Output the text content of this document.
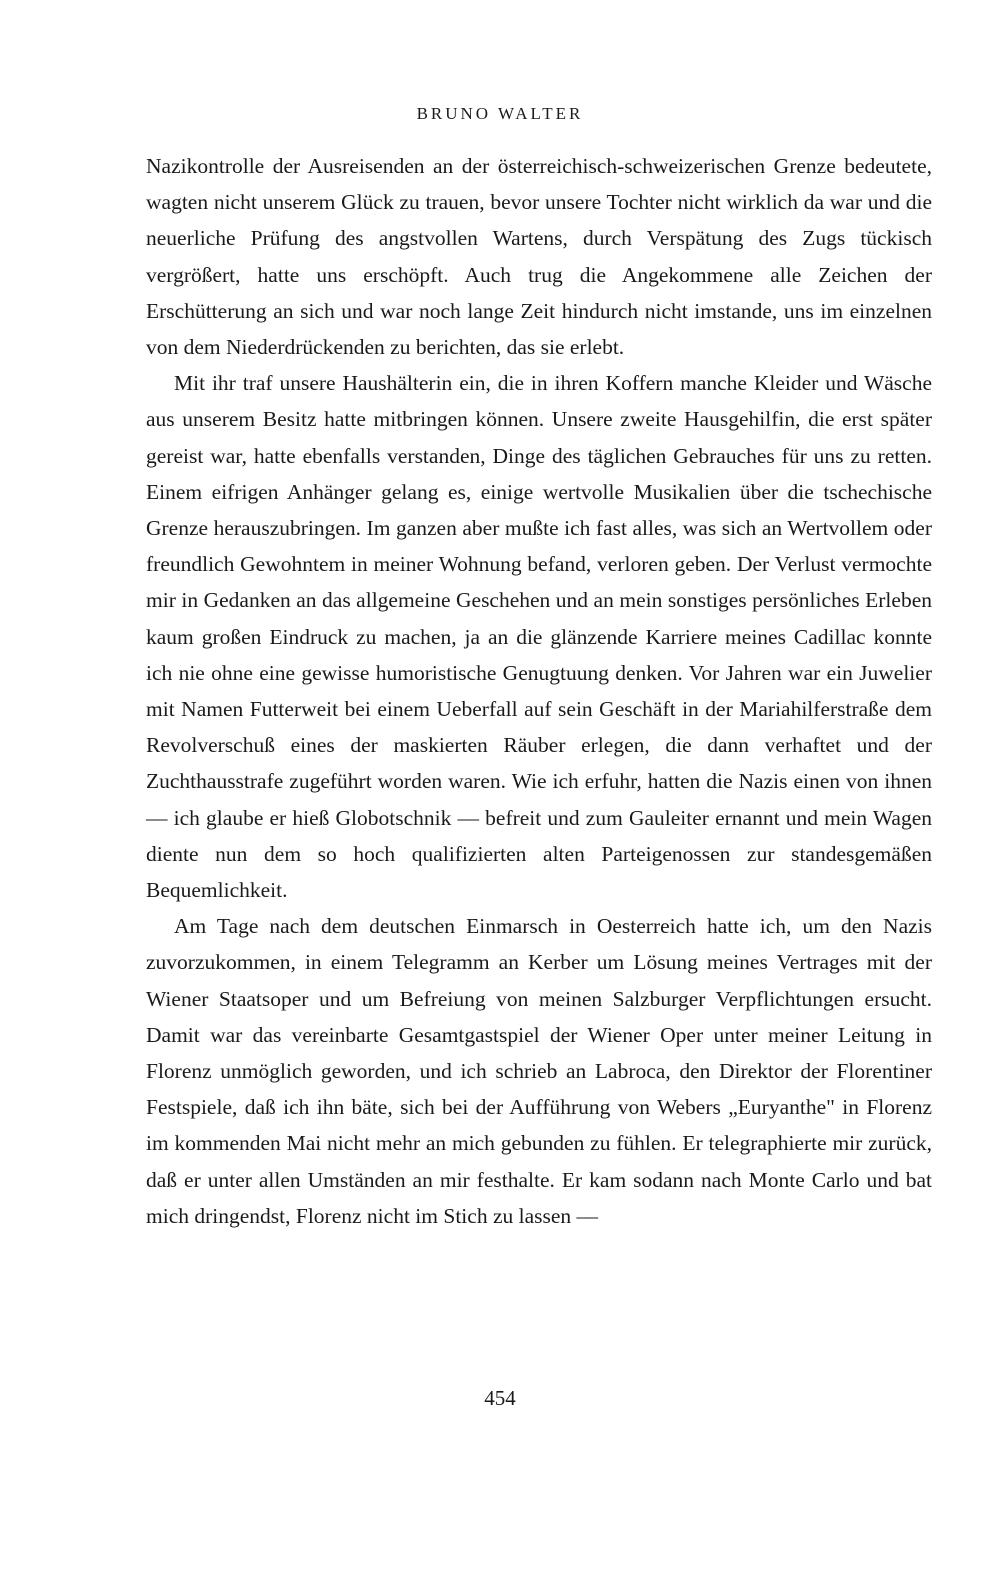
BRUNO WALTER

Nazikontrolle der Ausreisenden an der österreichisch-schweizerischen Grenze bedeutete, wagten nicht unserem Glück zu trauen, bevor unsere Tochter nicht wirklich da war und die neuerliche Prüfung des angstvollen Wartens, durch Verspätung des Zugs tückisch vergrößert, hatte uns erschöpft. Auch trug die Angekommene alle Zeichen der Erschütterung an sich und war noch lange Zeit hindurch nicht imstande, uns im einzelnen von dem Niederdrückenden zu berichten, das sie erlebt.

Mit ihr traf unsere Haushälterin ein, die in ihren Koffern manche Kleider und Wäsche aus unserem Besitz hatte mitbringen können. Unsere zweite Hausgehilfin, die erst später gereist war, hatte ebenfalls verstanden, Dinge des täglichen Gebrauches für uns zu retten. Einem eifrigen Anhänger gelang es, einige wertvolle Musikalien über die tschechische Grenze herauszubringen. Im ganzen aber mußte ich fast alles, was sich an Wertvollem oder freundlich Gewohntem in meiner Wohnung befand, verloren geben. Der Verlust vermochte mir in Gedanken an das allgemeine Geschehen und an mein sonstiges persönliches Erleben kaum großen Eindruck zu machen, ja an die glänzende Karriere meines Cadillac konnte ich nie ohne eine gewisse humoristische Genugtuung denken. Vor Jahren war ein Juwelier mit Namen Futterweit bei einem Ueberfall auf sein Geschäft in der Mariahilferstraße dem Revolverschuß eines der maskierten Räuber erlegen, die dann verhaftet und der Zuchthausstrafe zugeführt worden waren. Wie ich erfuhr, hatten die Nazis einen von ihnen — ich glaube er hieß Globotschnik — befreit und zum Gauleiter ernannt und mein Wagen diente nun dem so hoch qualifizierten alten Parteigenossen zur standesgemäßen Bequemlichkeit.

Am Tage nach dem deutschen Einmarsch in Oesterreich hatte ich, um den Nazis zuvorzukommen, in einem Telegramm an Kerber um Lösung meines Vertrages mit der Wiener Staatsoper und um Befreiung von meinen Salzburger Verpflichtungen ersucht. Damit war das vereinbarte Gesamtgastspiel der Wiener Oper unter meiner Leitung in Florenz unmöglich geworden, und ich schrieb an Labroca, den Direktor der Florentiner Festspiele, daß ich ihn bäte, sich bei der Aufführung von Webers „Euryanthe" in Florenz im kommenden Mai nicht mehr an mich gebunden zu fühlen. Er telegraphierte mir zurück, daß er unter allen Umständen an mir festhalte. Er kam sodann nach Monte Carlo und bat mich dringendst, Florenz nicht im Stich zu lassen —

454
